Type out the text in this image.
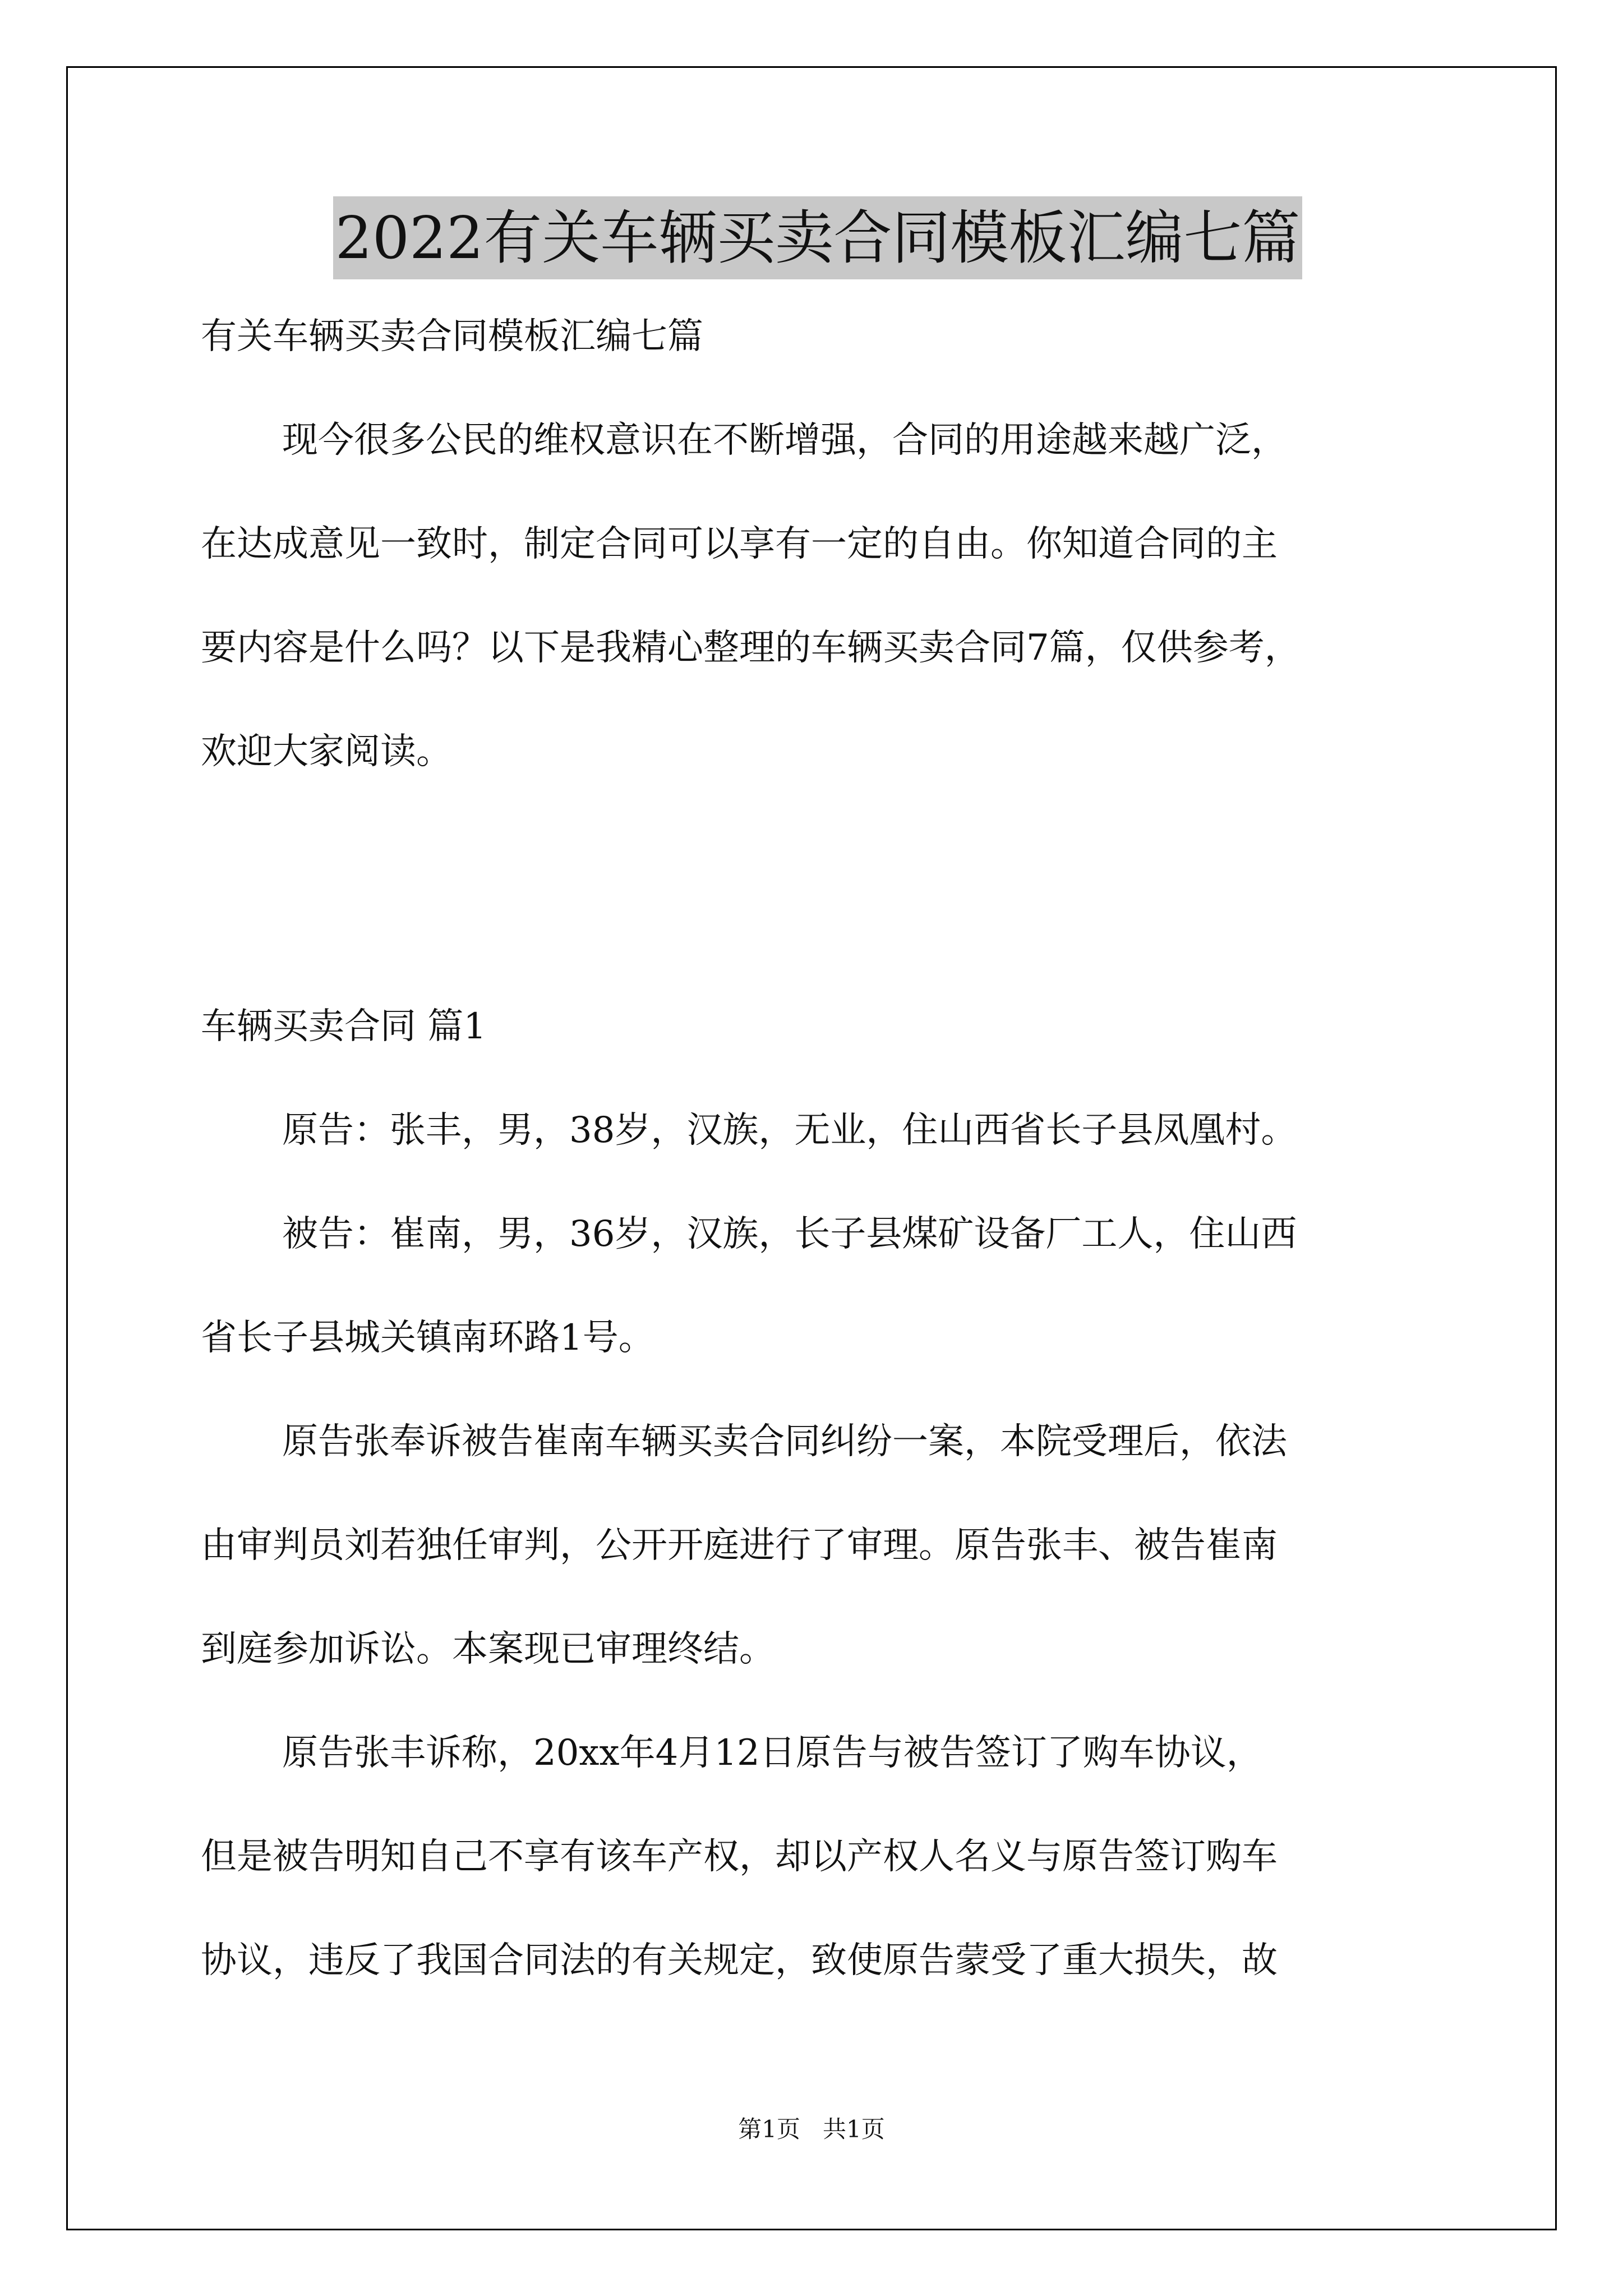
2022有关车辆买卖合同模板汇编七篇
有关车辆买卖合同模板汇编七篇
现今很多公民的维权意识在不断增强，合同的用途越来越广泛，
在达成意见一致时，制定合同可以享有一定的自由。你知道合同的主
要内容是什么吗？以下是我精心整理的车辆买卖合同7篇，仅供参考，
欢迎大家阅读。
车辆买卖合同 篇1
原告：张丰，男，38岁，汉族，无业，住山西省长子县凤凰村。
被告：崔南，男，36岁，汉族，长子县煤矿设备厂工人，住山西
省长子县城关镇南环路1号。
原告张奉诉被告崔南车辆买卖合同纠纷一案，本院受理后，依法
由审判员刘若独任审判，公开开庭进行了审理。原告张丰、被告崔南
到庭参加诉讼。本案现已审理终结。
原告张丰诉称，20xx年4月12日原告与被告签订了购车协议，
但是被告明知自己不享有该车产权，却以产权人名义与原告签订购车
协议，违反了我国合同法的有关规定，致使原告蒙受了重大损失，故
第1页   共1页
